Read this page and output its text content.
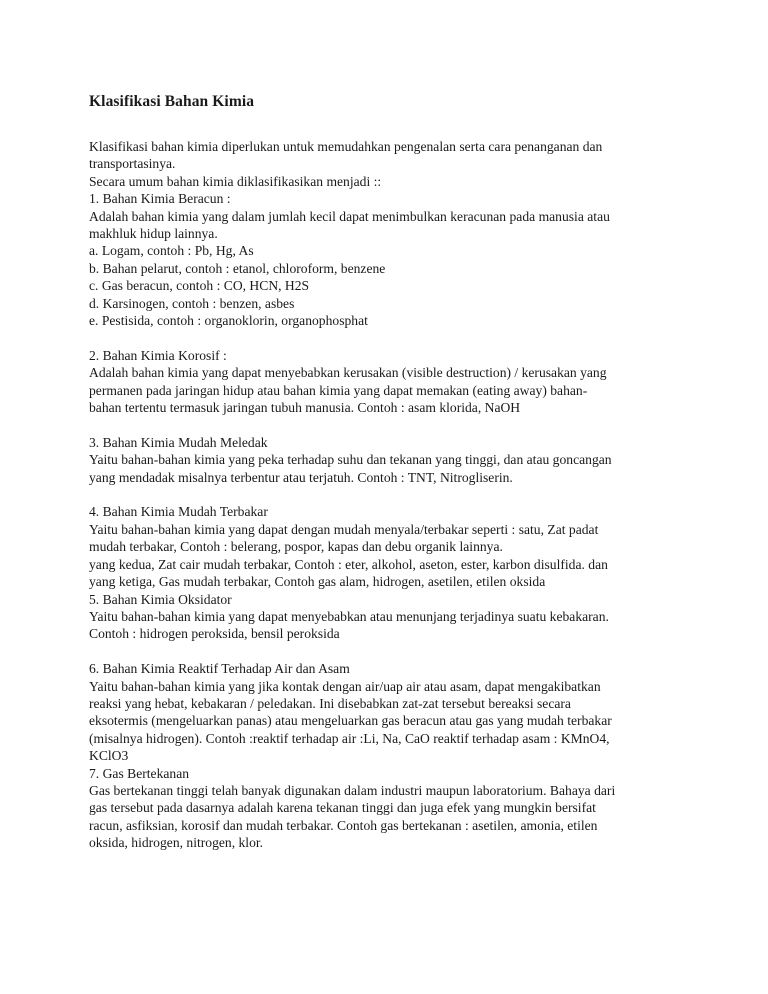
Klasifikasi Bahan Kimia
Klasifikasi bahan kimia diperlukan untuk memudahkan pengenalan serta cara penanganan dan
transportasinya.
Secara umum bahan kimia diklasifikasikan menjadi ::
1. Bahan Kimia Beracun :
Adalah bahan kimia yang dalam jumlah kecil dapat menimbulkan keracunan pada manusia atau
makhluk hidup lainnya.
a. Logam, contoh : Pb, Hg, As
b. Bahan pelarut, contoh : etanol, chloroform, benzene
c. Gas beracun, contoh : CO, HCN, H2S
d. Karsinogen, contoh : benzen, asbes
e. Pestisida, contoh : organoklorin, organophosphat
2. Bahan Kimia Korosif :
Adalah bahan kimia yang dapat menyebabkan kerusakan (visible destruction) / kerusakan yang
permanen pada jaringan hidup atau bahan kimia yang dapat memakan (eating away) bahan-
bahan tertentu termasuk jaringan tubuh manusia. Contoh : asam klorida, NaOH
3. Bahan Kimia Mudah Meledak
Yaitu bahan-bahan kimia yang peka terhadap suhu dan tekanan yang tinggi, dan atau goncangan
yang mendadak misalnya terbentur atau terjatuh. Contoh : TNT, Nitrogliserin.
4. Bahan Kimia Mudah Terbakar
Yaitu bahan-bahan kimia yang dapat dengan mudah menyala/terbakar seperti : satu, Zat padat
mudah terbakar, Contoh : belerang, pospor, kapas dan debu organik lainnya.
yang kedua, Zat cair mudah terbakar, Contoh : eter, alkohol, aseton, ester, karbon disulfida. dan
yang ketiga, Gas mudah terbakar, Contoh gas alam, hidrogen, asetilen, etilen oksida
5. Bahan Kimia Oksidator
Yaitu bahan-bahan kimia yang dapat menyebabkan atau menunjang terjadinya suatu kebakaran.
Contoh : hidrogen peroksida, bensil peroksida
6. Bahan Kimia Reaktif Terhadap Air dan Asam
Yaitu bahan-bahan kimia yang jika kontak dengan air/uap air atau asam, dapat mengakibatkan
reaksi yang hebat, kebakaran / peledakan. Ini disebabkan zat-zat tersebut bereaksi secara
eksotermis (mengeluarkan panas) atau mengeluarkan gas beracun atau gas yang mudah terbakar
(misalnya hidrogen). Contoh :reaktif terhadap air :Li, Na, CaO reaktif terhadap asam : KMnO4,
KClO3
7. Gas Bertekanan
Gas bertekanan tinggi telah banyak digunakan dalam industri maupun laboratorium. Bahaya dari
gas tersebut pada dasarnya adalah karena tekanan tinggi dan juga efek yang mungkin bersifat
racun, asfiksian, korosif dan mudah terbakar. Contoh gas bertekanan : asetilen, amonia, etilen
oksida, hidrogen, nitrogen, klor.
